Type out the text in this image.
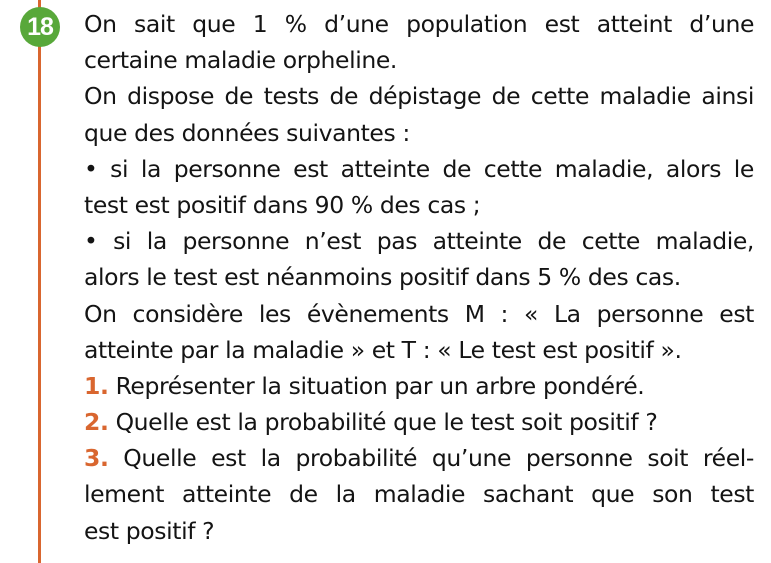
18	On sait que 1 % d’une population est atteint d’une
certaine maladie orpheline.
On dispose de tests de dépistage de cette maladie ainsi
que des données suivantes :
• si la personne est atteinte de cette maladie, alors le
test est positif dans 90 % des cas ;
• si la personne n’est pas atteinte de cette maladie,
alors le test est néanmoins positif dans 5 % des cas.
On considère les évènements M : « La personne est
atteinte par la maladie » et T : « Le test est positif ».
1. Représenter la situation par un arbre pondéré.
2. Quelle est la probabilité que le test soit positif ?
3. Quelle est la probabilité qu’une personne soit réel-
lement atteinte de la maladie sachant que son test
est positif ?
